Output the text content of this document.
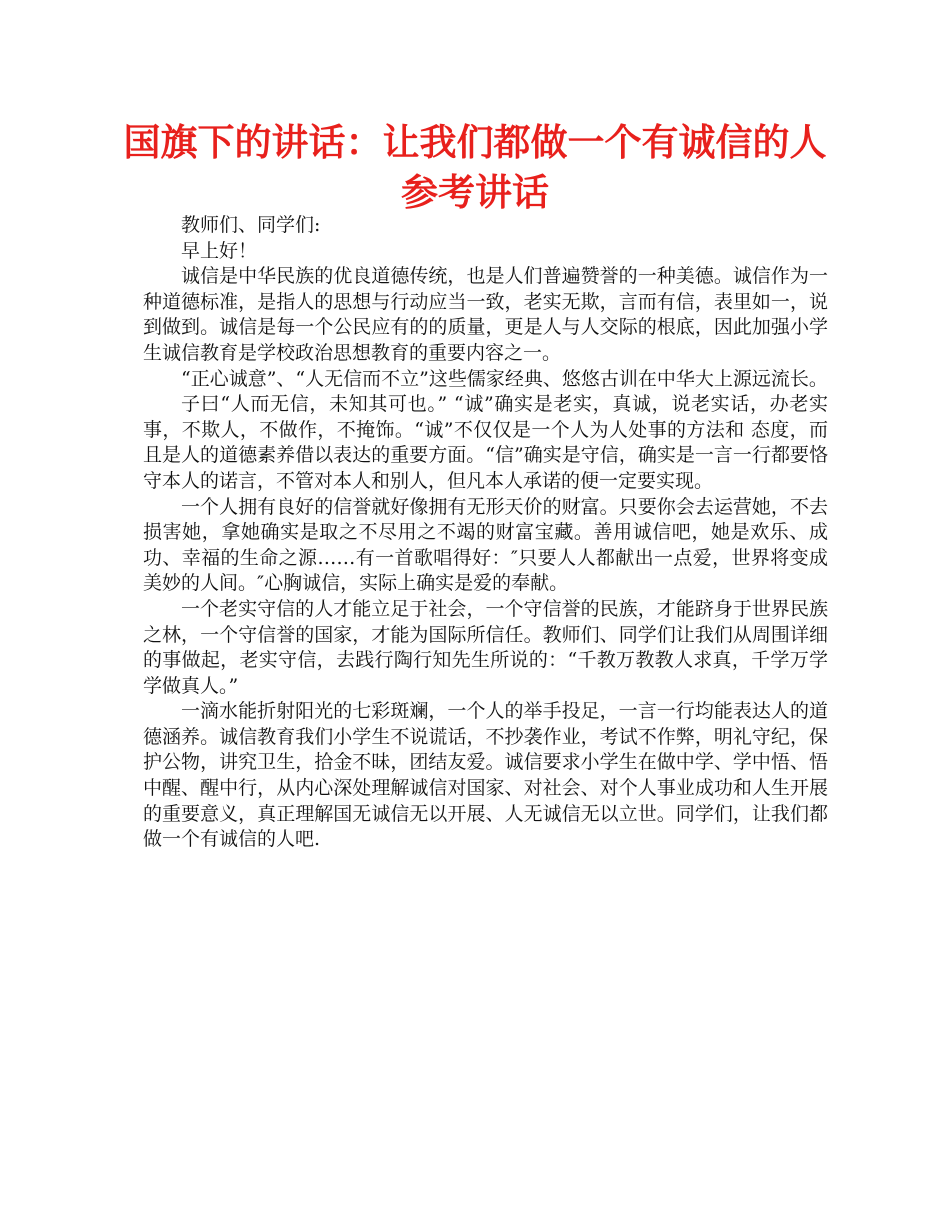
国旗下的讲话：让我们都做一个有诚信的人参考讲话

教师们、同学们:

早上好！

诚信是中华民族的优良道德传统，也是人们普遍赞誉的一种美德。诚信作为一种道德标准，是指人的思想与行动应当一致，老实无欺，言而有信，表里如一，说到做到。诚信是每一个公民应有的的质量，更是人与人交际的根底，因此加强小学生诚信教育是学校政治思想教育的重要内容之一。

“正心诚意”、“人无信而不立”这些儒家经典、悠悠古训在中华大上源远流长。

子曰“人而无信，未知其可也。” “诚”确实是老实，真诚，说老实话，办老实事，不欺人，不做作，不掩饰。“诚”不仅仅是一个人为人处事的方法和 态度，而且是人的道德素养借以表达的重要方面。“信”确实是守信，确实是一言一行都要恪守本人的诺言，不管对本人和别人，但凡本人承诺的便一定要实现。

一个人拥有良好的信誉就好像拥有无形天价的财富。只要你会去运营她，不去损害她，拿她确实是取之不尽用之不竭的财富宝藏。善用诚信吧，她是欢乐、成功、幸福的生命之源……有一首歌唱得好：″只要人人都献出一点爱，世界将变成美妙的人间。″心胸诚信，实际上确实是爱的奉献。

一个老实守信的人才能立足于社会，一个守信誉的民族，才能跻身于世界民族之林，一个守信誉的国家，才能为国际所信任。教师们、同学们让我们从周围详细的事做起，老实守信，去践行陶行知先生所说的：“千教万教教人求真，千学万学学做真人。”

一滴水能折射阳光的七彩斑斓，一个人的举手投足，一言一行均能表达人的道德涵养。诚信教育我们小学生不说谎话，不抄袭作业，考试不作弊，明礼守纪，保护公物，讲究卫生，拾金不昧，团结友爱。诚信要求小学生在做中学、学中悟、悟中醒、醒中行，从内心深处理解诚信对国家、对社会、对个人事业成功和人生开展的重要意义，真正理解国无诚信无以开展、人无诚信无以立世。同学们，让我们都做一个有诚信的人吧.
